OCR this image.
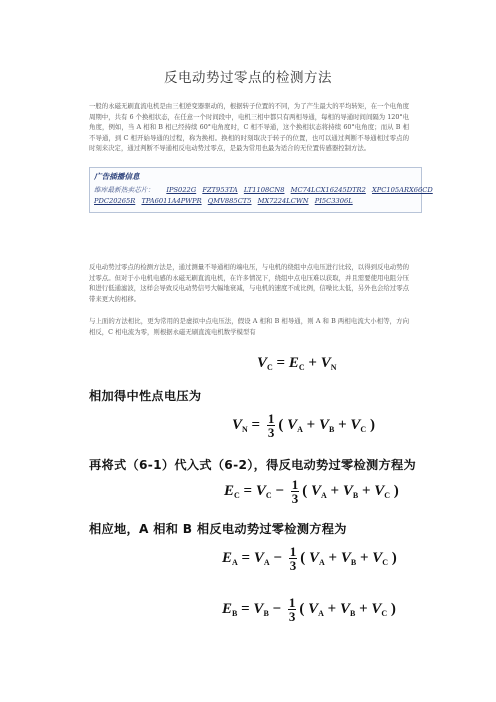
反电动势过零点的检测方法
一般的永磁无刷直流电机是由三相逆变器驱动的，根据转子位置的不同，为了产生最大的平均转矩，在一个电角度周期中，共有 6 个换相状态，在任意一个时间段中，电机三相中都只有两相导通，每相的导通时间间隔为 120°电角度，例如，当 A 相和 B 相已经持续 60°电角度时，C 相不导通，这个换相状态将持续 60°电角度；而从 B 相不导通，到 C 相开始导通的过程，称为换相。换相的时刻取决于转子的位置，也可以通过判断不导通相过零点的时刻来决定，通过判断不导通相反电动势过零点，是最为常用也最为适合的无位置传感器控制方法。
广告插播信息
维库最新热卖芯片： IPS022G FZT953TA LT1108CN8 MC74LCX16245DTR2 XPC105ARX66CD
PDC20265R TPA6011A4PWPR QMV885CT5 MX7224LCWN PI5C3306L
反电动势过零点的检测方法是，通过测量不导通相的端电压，与电机的绕组中点电压进行比较，以得到反电动势的过零点。但对于小电机电感的永磁无刷直流电机，在许多情况下，绕组中点电压难以获取，并且需要使用电阻分压和进行低通滤波，这样会导致反电动势信号大幅地衰减，与电机的速度不成比例，信噪比太低，另外也会给过零点带来更大的相移。
与上面的方法相比，更为常用的是虚拟中点电压法，假设 A 相和 B 相导通，则 A 和 B 两相电流大小相等，方向相反，C 相电流为零，则根据永磁无刷直流电机数学模型有
$V_C = E_C + V_N$
相加得中性点电压为
$V_N = \frac{1}{3}$ ( $V_A + V_B + V_C$ )
再将式（6-1）代入式（6-2），得反电动势过零检测方程为
$E_C = V_C - \frac{1}{3}$ ( $V_A + V_B + V_C$ )
相应地，A 相和 B 相反电动势过零检测方程为
$E_A = V_A - \frac{1}{3}$ ( $V_A + V_B + V_C$ )
$E_B = V_B - \frac{1}{3}$ ( $V_A + V_B + V_C$ )
